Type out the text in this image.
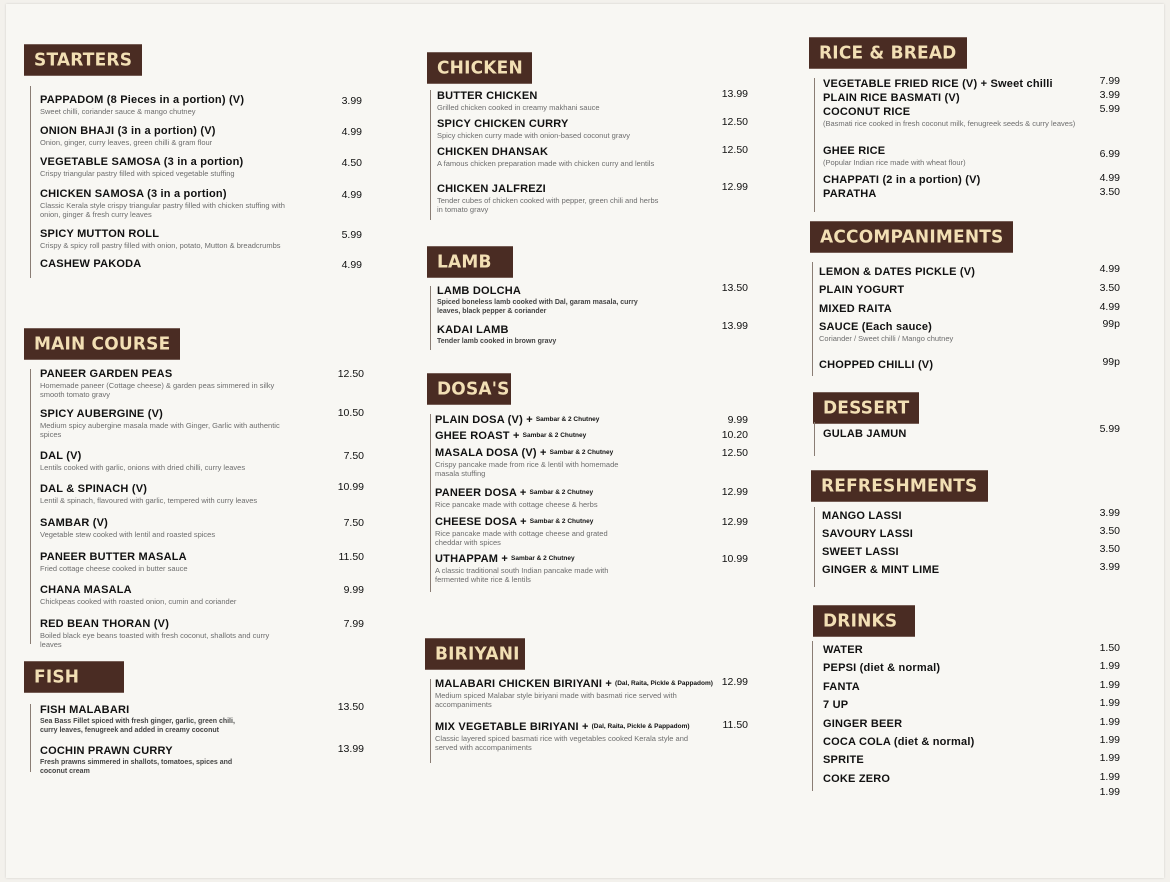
STARTERS
PAPPADOM (8 Pieces in a portion) (V)
Sweet chilli, coriander sauce & mango chutney
3.99
ONION BHAJI (3 in a portion) (V)
Onion, ginger, curry leaves, green chilli & gram flour
4.99
VEGETABLE SAMOSA (3 in a portion)
Crispy triangular pastry filled with spiced vegetable stuffing
4.50
CHICKEN SAMOSA (3 in a portion)
Classic Kerala style crispy triangular pastry filled with chicken stuffing with onion, ginger & fresh curry leaves
4.99
SPICY MUTTON ROLL
Crispy & spicy roll pastry filled with onion, potato, Mutton & breadcrumbs
5.99
CASHEW PAKODA	4.99
MAIN COURSE
PANEER GARDEN PEAS
Homemade paneer (Cottage cheese) & garden peas simmered in silky smooth tomato gravy
12.50
SPICY AUBERGINE (V)
Medium spicy aubergine masala made with Ginger, Garlic with authentic spices
10.50
DAL (V)
Lentils cooked with garlic, onions with dried chilli, curry leaves
7.50
DAL & SPINACH (V)
Lentil & spinach, flavoured with garlic, tempered with curry leaves
10.99
SAMBAR (V)
Vegetable stew cooked with lentil and roasted spices
7.50
PANEER BUTTER MASALA
Fried cottage cheese cooked in butter sauce
11.50
CHANA MASALA
Chickpeas cooked with roasted onion, cumin and coriander
9.99
RED BEAN THORAN (V)
Boiled black eye beans toasted with fresh coconut, shallots and curry leaves
7.99
FISH
FISH MALABARI
Sea Bass Fillet spiced with fresh ginger, garlic, green chili, curry leaves, fenugreek and added in creamy coconut
13.50
COCHIN PRAWN CURRY
Fresh prawns simmered in shallots, tomatoes, spices and coconut cream
13.99
CHICKEN
BUTTER CHICKEN
Grilled chicken cooked in creamy makhani sauce
13.99
SPICY CHICKEN CURRY
Spicy chicken curry made with onion-based coconut gravy
12.50
CHICKEN DHANSAK
A famous chicken preparation made with chicken curry and lentils
12.50
CHICKEN JALFREZI
Tender cubes of chicken cooked with pepper, green chili and herbs in tomato gravy
12.99
LAMB
LAMB DOLCHA
Spiced boneless lamb cooked with Dal, garam masala, curry leaves, black pepper & coriander
13.50
KADAI LAMB
Tender lamb cooked in brown gravy
13.99
DOSA'S
PLAIN DOSA (V) + Sambar & 2 Chutney	9.99
GHEE ROAST + Sambar & 2 Chutney	10.20
MASALA DOSA (V) + Sambar & 2 Chutney
Crispy pancake made from rice & lentil with homemade masala stuffing
12.50
PANEER DOSA + Sambar & 2 Chutney
Rice pancake made with cottage cheese & herbs
12.99
CHEESE DOSA + Sambar & 2 Chutney
Rice pancake made with cottage cheese and grated cheddar with spices
12.99
UTHAPPAM + Sambar & 2 Chutney
A classic traditional south Indian pancake made with fermented white rice & lentils
10.99
BIRIYANI
MALABARI CHICKEN BIRIYANI + (Dal, Raita, Pickle & Pappadom)
Medium spiced Malabar style biriyani made with basmati rice served with accompaniments
12.99
MIX VEGETABLE BIRIYANI + (Dal, Raita, Pickle & Pappadom)
Classic layered spiced basmati rice with vegetables cooked Kerala style and served with accompaniments
11.50
RICE & BREAD
VEGETABLE FRIED RICE (V) + Sweet chilli	7.99
PLAIN RICE BASMATI (V)	3.99
COCONUT RICE
(Basmati rice cooked in fresh coconut milk, fenugreek seeds & curry leaves)
5.99
GHEE RICE
(Popular Indian rice made with wheat flour)
6.99
CHAPPATI (2 in a portion) (V)	4.99
PARATHA	3.50
ACCOMPANIMENTS
LEMON & DATES PICKLE (V)	4.99
PLAIN YOGURT	3.50
MIXED RAITA	4.99
SAUCE (Each sauce)
Coriander / Sweet chilli / Mango chutney
99p
CHOPPED CHILLI (V)	99p
DESSERT
GULAB JAMUN	5.99
REFRESHMENTS
MANGO LASSI	3.99
SAVOURY LASSI	3.50
SWEET LASSI	3.50
GINGER & MINT LIME	3.99
DRINKS
WATER	1.50
PEPSI (diet & normal)	1.99
FANTA	1.99
7 UP	1.99
GINGER BEER	1.99
COCA COLA (diet & normal)	1.99
SPRITE	1.99
COKE ZERO	1.99
1.99
